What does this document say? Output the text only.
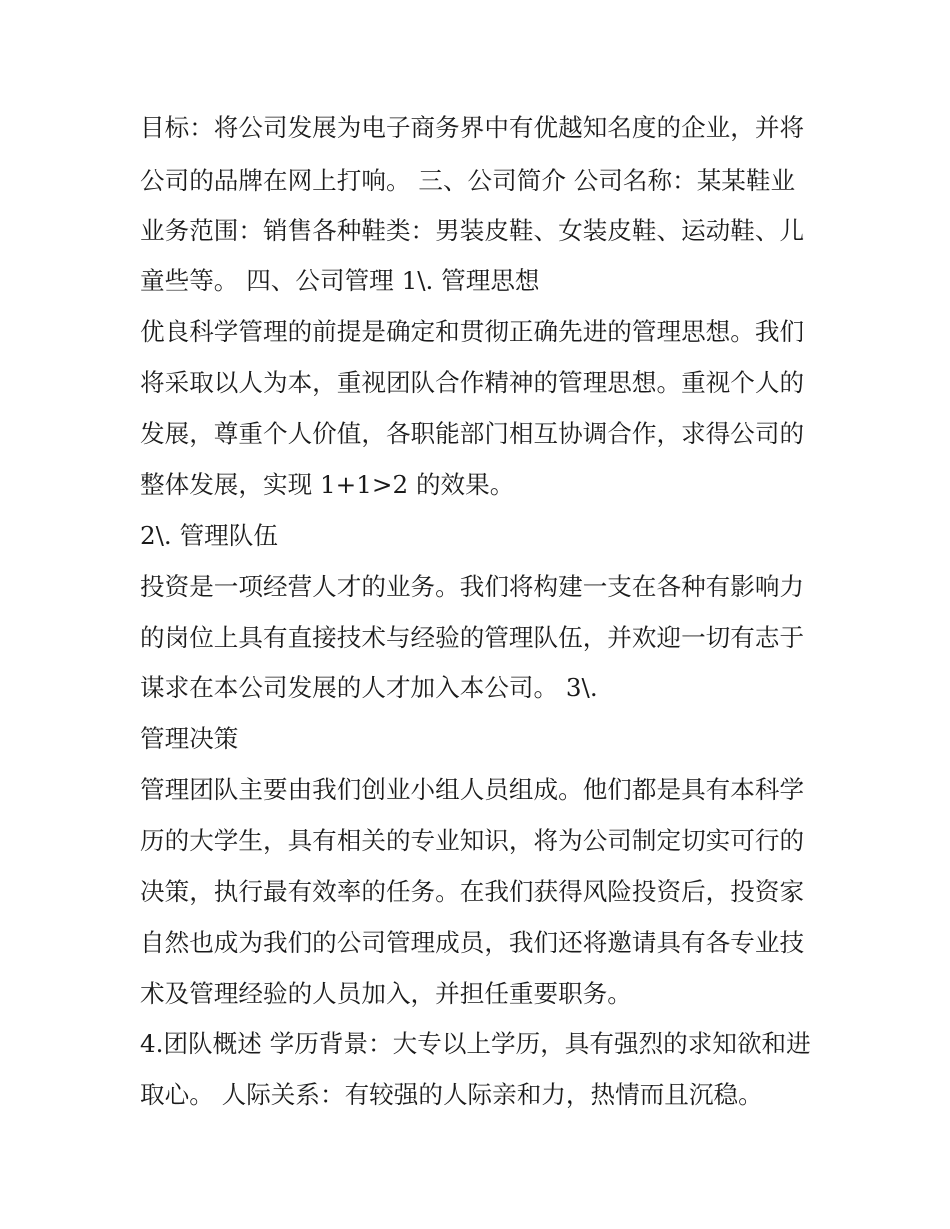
目标：将公司发展为电子商务界中有优越知名度的企业，并将
公司的品牌在网上打响。 三、公司简介 公司名称：某某鞋业
业务范围：销售各种鞋类：男装皮鞋、女装皮鞋、运动鞋、儿
童些等。 四、公司管理 1\. 管理思想
优良科学管理的前提是确定和贯彻正确先进的管理思想。我们
将采取以人为本，重视团队合作精神的管理思想。重视个人的
发展，尊重个人价值，各职能部门相互协调合作，求得公司的
整体发展，实现 1+1>2 的效果。
2\. 管理队伍
投资是一项经营人才的业务。我们将构建一支在各种有影响力
的岗位上具有直接技术与经验的管理队伍，并欢迎一切有志于
谋求在本公司发展的人才加入本公司。 3\.
管理决策
管理团队主要由我们创业小组人员组成。他们都是具有本科学
历的大学生，具有相关的专业知识，将为公司制定切实可行的
决策，执行最有效率的任务。在我们获得风险投资后，投资家
自然也成为我们的公司管理成员，我们还将邀请具有各专业技
术及管理经验的人员加入，并担任重要职务。
4.团队概述 学历背景：大专以上学历，具有强烈的求知欲和进
取心。 人际关系：有较强的人际亲和力，热情而且沉稳。
